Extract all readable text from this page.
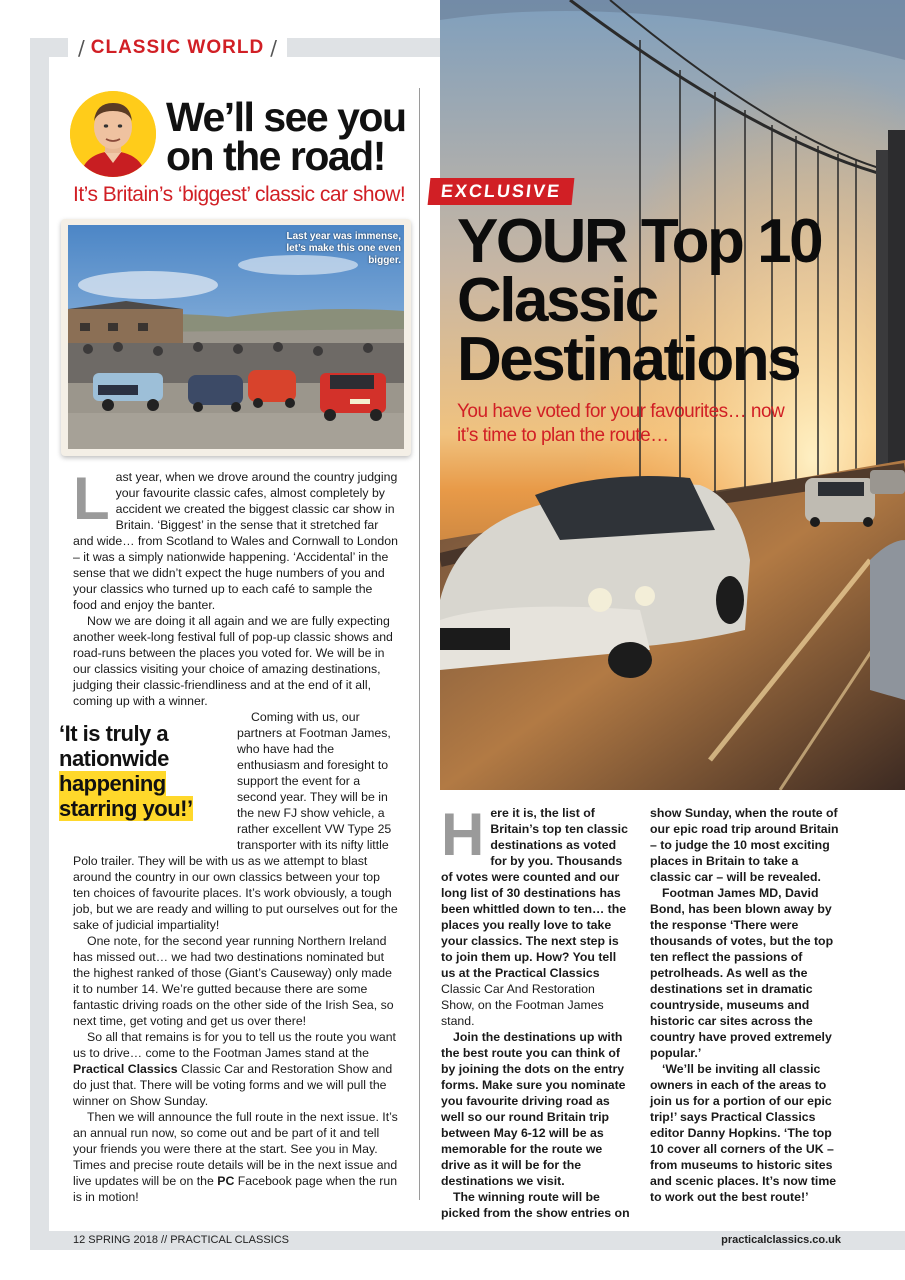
/ CLASSIC WORLD /
We’ll see you on the road!
It’s Britain’s ‘biggest’ classic car show!
Last year was immense, let’s make this one even bigger.

Last year, when we drove around the country judging your favourite classic cafes, almost completely by accident we created the biggest classic car show in Britain. ‘Biggest’ in the sense that it stretched far and wide… from Scotland to Wales and Cornwall to London – it was a simply nationwide happening. ‘Accidental’ in the sense that we didn’t expect the huge numbers of you and your classics who turned up to each café to sample the food and enjoy the banter.

Now we are doing it all again and we are fully expecting another week-long festival full of pop-up classic shows and road-runs between the places you voted for. We will be in our classics visiting your choice of amazing destinations, judging their classic-friendliness and at the end of it all, coming up with a winner.

‘It is truly a nationwide happening starring you!’
Coming with us, our partners at Footman James, who have had the enthusiasm and foresight to support the event for a second year. They will be in the new FJ show vehicle, a rather excellent VW Type 25 transporter with its nifty little Polo trailer. They will be with us as we attempt to blast around the country in our own classics between your top ten choices of favourite places. It’s work obviously, a tough job, but we are ready and willing to put ourselves out for the sake of judicial impartiality!

One note, for the second year running Northern Ireland has missed out… we had two destinations nominated but the highest ranked of those (Giant’s Causeway) only made it to number 14. We’re gutted because there are some fantastic driving roads on the other side of the Irish Sea, so next time, get voting and get us over there!

So all that remains is for you to tell us the route you want us to drive… come to the Footman James stand at the Practical Classics Classic Car and Restoration Show and do just that. There will be voting forms and we will pull the winner on Show Sunday.

Then we will announce the full route in the next issue. It’s an annual run now, so come out and be part of it and tell your friends you were there at the start. See you in May. Times and precise route details will be in the next issue and live updates will be on the PC Facebook page when the run is in motion!

EXCLUSIVE
YOUR Top 10 Classic Destinations
You have voted for your favourites… now it’s time to plan the route…

Here it is, the list of Britain’s top ten classic destinations as voted for by you. Thousands of votes were counted and our long list of 30 destinations has been whittled down to ten… the places you really love to take your classics. The next step is to join them up. How? You tell us at the Practical Classics Classic Car And Restoration Show, on the Footman James stand.

Join the destinations up with the best route you can think of by joining the dots on the entry forms. Make sure you nominate you favourite driving road as well so our round Britain trip between May 6-12 will be as memorable for the route we drive as it will be for the destinations we visit.

The winning route will be picked from the show entries on

show Sunday, when the route of our epic road trip around Britain – to judge the 10 most exciting places in Britain to take a classic car – will be revealed.

Footman James MD, David Bond, has been blown away by the response ‘There were thousands of votes, but the top ten reflect the passions of petrolheads. As well as the destinations set in dramatic countryside, museums and historic car sites across the country have proved extremely popular.’

‘We’ll be inviting all classic owners in each of the areas to join us for a portion of our epic trip!’ says Practical Classics editor Danny Hopkins. ‘The top 10 cover all corners of the UK – from museums to historic sites and scenic places. It’s now time to work out the best route!’

12 SPRING 2018 // PRACTICAL CLASSICS	practicalclassics.co.uk
